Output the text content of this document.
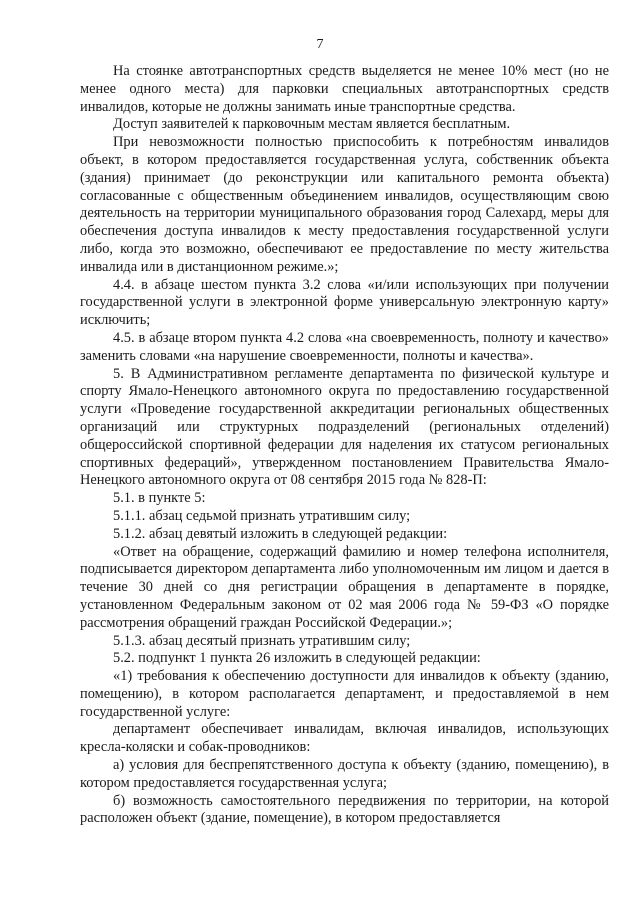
7

На стоянке автотранспортных средств выделяется не менее 10% мест (но не менее одного места) для парковки специальных автотранспортных средств инвалидов, которые не должны занимать иные транспортные средства.

Доступ заявителей к парковочным местам является бесплатным.

При невозможности полностью приспособить к потребностям инвалидов объект, в котором предоставляется государственная услуга, собственник объекта (здания) принимает (до реконструкции или капитального ремонта объекта) согласованные с общественным объединением инвалидов, осуществляющим свою деятельность на территории муниципального образования город Салехард, меры для обеспечения доступа инвалидов к месту предоставления государственной услуги либо, когда это возможно, обеспечивают ее предоставление по месту жительства инвалида или в дистанционном режиме.»;

4.4. в абзаце шестом пункта 3.2 слова «и/или использующих при получении государственной услуги в электронной форме универсальную электронную карту» исключить;

4.5. в абзаце втором пункта 4.2 слова «на своевременность, полноту и качество» заменить словами «на нарушение своевременности, полноты и качества».

5. В Административном регламенте департамента по физической культуре и спорту Ямало-Ненецкого автономного округа по предоставлению государственной услуги «Проведение государственной аккредитации региональных общественных организаций или структурных подразделений (региональных отделений) общероссийской спортивной федерации для наделения их статусом региональных спортивных федераций», утвержденном постановлением Правительства Ямало-Ненецкого автономного округа от 08 сентября 2015 года № 828-П:

5.1. в пункте 5:

5.1.1. абзац седьмой признать утратившим силу;

5.1.2. абзац девятый изложить в следующей редакции:

«Ответ на обращение, содержащий фамилию и номер телефона исполнителя, подписывается директором департамента либо уполномоченным им лицом и дается в течение 30 дней со дня регистрации обращения в департаменте в порядке, установленном Федеральным законом от 02 мая 2006 года № 59-ФЗ «О порядке рассмотрения обращений граждан Российской Федерации.»;

5.1.3. абзац десятый признать утратившим силу;

5.2. подпункт 1 пункта 26 изложить в следующей редакции:

«1) требования к обеспечению доступности для инвалидов к объекту (зданию, помещению), в котором располагается департамент, и предоставляемой в нем государственной услуге:

департамент обеспечивает инвалидам, включая инвалидов, использующих кресла-коляски и собак-проводников:

а) условия для беспрепятственного доступа к объекту (зданию, помещению), в котором предоставляется государственная услуга;

б) возможность самостоятельного передвижения по территории, на которой расположен объект (здание, помещение), в котором предоставляется
